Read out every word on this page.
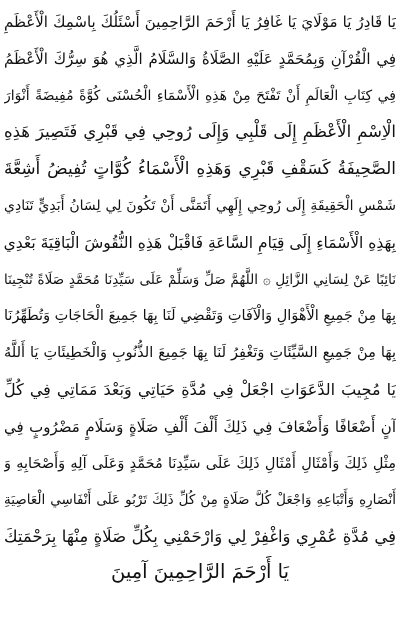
يَا قَادِرُ يَا مَوْلَايَ يَا غَافِرُ يَا أَرْحَمَ الرَّاحِمِينَ أَسْئَلُكَ بِاسْمِكَ الْأَعْظَمِ
فِي الْقُرْآنِ وَبِمُحَمَّدٍ عَلَيْهِ الصَّلَاةُ وَالسَّلَامُ الَّذِي هُوَ سِرُّكَ الْأَعْظَمُ
فِي كِتَابِ الْعَالَمِ أَنْ تَفْتَحَ مِنْ هَذِهِ الْأَسْمَاءِ الْحُسْنَى كُوَّةً مُفِيضَةً أَنْوَارَ
الْاِسْمِ الْأَعْظَمِ إِلَى قَلْبِي وَإِلَى رُوحِي فِي قَبْرِي فَتَصِيرَ هَذِهِ
الصَّحِيفَةُ كَسَقْفِ قَبْرِي وَهَذِهِ الْأَسْمَاءُ كُوَّاتٍ تُفِيضُ أَشِعَّةَ
شَمْسِ الْحَقِيقَةِ إِلَى رُوحِي إِلَهِي أَتَمَنَّى أَنْ تَكُونَ لِي لِسَانُ أَبَدِيٍّ تَنَادِي
بِهَذِهِ الْأَسْمَاءِ إِلَى قِيَامِ السَّاعَةِ فَاقْبَلْ هَذِهِ النُّقُوشَ الْبَاقِيَةَ بَعْدِي
نَائِبًا عَنْ لِسَانِي الزَّائِلِ ۞ اللَّهُمَّ صَلِّ وَسَلِّمْ عَلَى سَيِّدِنَا مُحَمَّدٍ صَلَاةً تُنْجِينَا
بِهَا مِنْ جَمِيعِ الْأَهْوَالِ وَالْآفَاتِ وَتَقْضِي لَنَا بِهَا جَمِيعَ الْحَاجَاتِ وَتُطَهِّرُنَا
بِهَا مِنْ جَمِيعِ السَّيِّئَاتِ وَتَغْفِرُ لَنَا بِهَا جَمِيعَ الذُّنُوبِ وَالْخَطِيئَاتِ يَا أَللَّهُ
يَا مُجِيبَ الدَّعَوَاتِ اجْعَلْ فِي مُدَّةِ حَيَاتِي وَبَعْدَ مَمَاتِي فِي كُلِّ
آنٍ أَضْعَافًا وَأَضْعَافَ فِي ذَلِكَ أَلْفَ أَلْفِ صَلَاةٍ وَسَلَامٍ مَضْرُوبٍ فِي
مِثْلِ ذَلِكَ وَأَمْثَالِ أَمْثَالِ ذَلِكَ عَلَى سَيِّدِنَا مُحَمَّدٍ وَعَلَى آلِهِ وَأَصْحَابِهِ وَ
أَنْصَارِهِ وَأَتْبَاعِهِ وَاجْعَلْ كُلَّ صَلَاةٍ مِنْ كُلِّ ذَلِكَ تَرْبُو عَلَى أَنْفَاسِي الْعَاصِيَةِ
فِي مُدَّةِ عُمْرِي وَاغْفِرْ لِي وَارْحَمْنِي بِكُلِّ صَلَاةٍ مِنْهَا بِرَحْمَتِكَ
يَا أَرْحَمَ الرَّاحِمِينَ آمِينَ
